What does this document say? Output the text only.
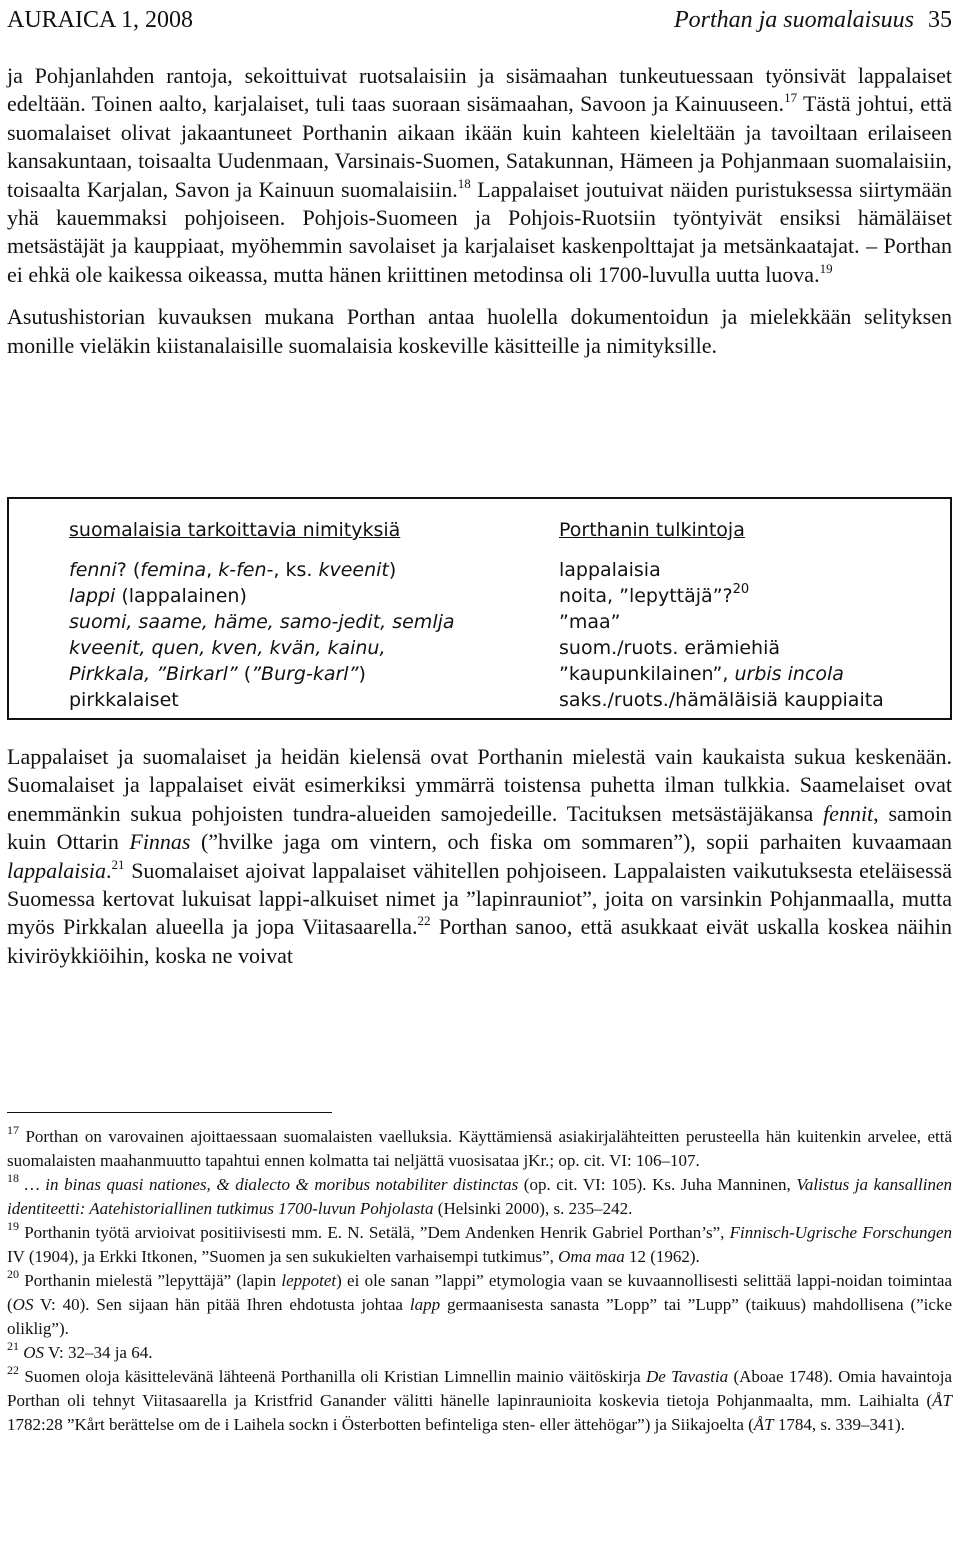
AURAICA 1, 2008	Porthan ja suomalaisuus 35

ja Pohjanlahden rantoja, sekoittuivat ruotsalaisiin ja sisämaahan tunkeutuessaan työnsivät lappalaiset edeltään. Toinen aalto, karjalaiset, tuli taas suoraan sisämaahan, Savoon ja Kainuuseen.$^{17}$ Tästä johtui, että suomalaiset olivat jakaantuneet Porthanin aikaan ikään kuin kahteen kieleltään ja tavoiltaan erilaiseen kansakuntaan, toisaalta Uudenmaan, Varsinais-Suomen, Satakunnan, Hämeen ja Pohjanmaan suomalaisiin, toisaalta Karjalan, Savon ja Kainuun suomalaisiin.$^{18}$ Lappalaiset joutuivat näiden puristuksessa siirtymään yhä kauemmaksi pohjoiseen. Pohjois-Suomeen ja Pohjois-Ruotsiin työntyivät ensiksi hämäläiset metsästäjät ja kauppiaat, myöhemmin savolaiset ja karjalaiset kaskenpolttajat ja metsänkaatajat. – Porthan ei ehkä ole kaikessa oikeassa, mutta hänen kriittinen metodinsa oli 1700-luvulla uutta luova.$^{19}$

Asutushistorian kuvauksen mukana Porthan antaa huolella dokumentoidun ja mielekkään selityksen monille vieläkin kiistanalaisille suomalaisia koskeville käsitteille ja nimityksille.

suomalaisia tarkoittavia nimityksiä
fenni? (femina, k-fen-, ks. kveenit)
lappi (lappalainen)
suomi, saame, häme, samo-jedit, semlja
kveenit, quen, kven, kvän, kainu,
Pirkkala, ”Birkarl” (”Burg-karl”)
pirkkalaiset
Porthanin tulkintoja
lappalaisia
noita, ”lepyttäjä”?$^{20}$
”maa”
suom./ruots. erämiehiä
”kaupunkilainen”, urbis incola
saks./ruots./hämäläisiä kauppiaita
Lappalaiset ja suomalaiset ja heidän kielensä ovat Porthanin mielestä vain kaukaista sukua keskenään. Suomalaiset ja lappalaiset eivät esimerkiksi ymmärrä toistensa puhetta ilman tulkkia. Saamelaiset ovat enemmänkin sukua pohjoisten tundra-alueiden samojedeille. Tacituksen metsästäjäkansa fennit, samoin kuin Ottarin Finnas (”hvilke jaga om vintern, och fiska om sommaren”), sopii parhaiten kuvaamaan lappalaisia.$^{21}$ Suomalaiset ajoivat lappalaiset vähitellen pohjoiseen. Lappalaisten vaikutuksesta eteläisessä Suomessa kertovat lukuisat lappi-alkuiset nimet ja ”lapinrauniot”, joita on varsinkin Pohjanmaalla, mutta myös Pirkkalan alueella ja jopa Viitasaarella.$^{22}$ Porthan sanoo, että asukkaat eivät uskalla koskea näihin kiviröykkiöihin, koska ne voivat

$^{17}$ Porthan on varovainen ajoittaessaan suomalaisten vaelluksia. Käyttämiensä asiakirjalähteitten perusteella hän kuitenkin arvelee, että suomalaisten maahanmuutto tapahtui ennen kolmatta tai neljättä vuosisataa jKr.; op. cit. VI: 106–107.

$^{18}$ … in binas quasi nationes, & dialecto & moribus notabiliter distinctas (op. cit. VI: 105). Ks. Juha Manninen, Valistus ja kansallinen identiteetti: Aatehistoriallinen tutkimus 1700-luvun Pohjolasta (Helsinki 2000), s. 235–242.

$^{19}$ Porthanin työtä arvioivat positiivisesti mm. E. N. Setälä, ”Dem Andenken Henrik Gabriel Porthan’s”, Finnisch-Ugrische Forschungen IV (1904), ja Erkki Itkonen, ”Suomen ja sen sukukielten varhaisempi tutkimus”, Oma maa 12 (1962).

$^{20}$ Porthanin mielestä ”lepyttäjä” (lapin leppotet) ei ole sanan ”lappi” etymologia vaan se kuvaannollisesti selittää lappi-noidan toimintaa (OS V: 40). Sen sijaan hän pitää Ihren ehdotusta johtaa lapp germaanisesta sanasta ”Lopp” tai ”Lupp” (taikuus) mahdollisena (”icke oliklig”).

$^{21}$ OS V: 32–34 ja 64.

$^{22}$ Suomen oloja käsittelevänä lähteenä Porthanilla oli Kristian Limnellin mainio väitöskirja De Tavastia (Aboae 1748). Omia havaintoja Porthan oli tehnyt Viitasaarella ja Kristfrid Ganander välitti hänelle lapinraunioita koskevia tietoja Pohjanmaalta, mm. Laihialta (ÅT 1782:28 ”Kårt berättelse om de i Laihela sockn i Österbotten befinteliga sten- eller ättehögar”) ja Siikajoelta (ÅT 1784, s. 339–341).
